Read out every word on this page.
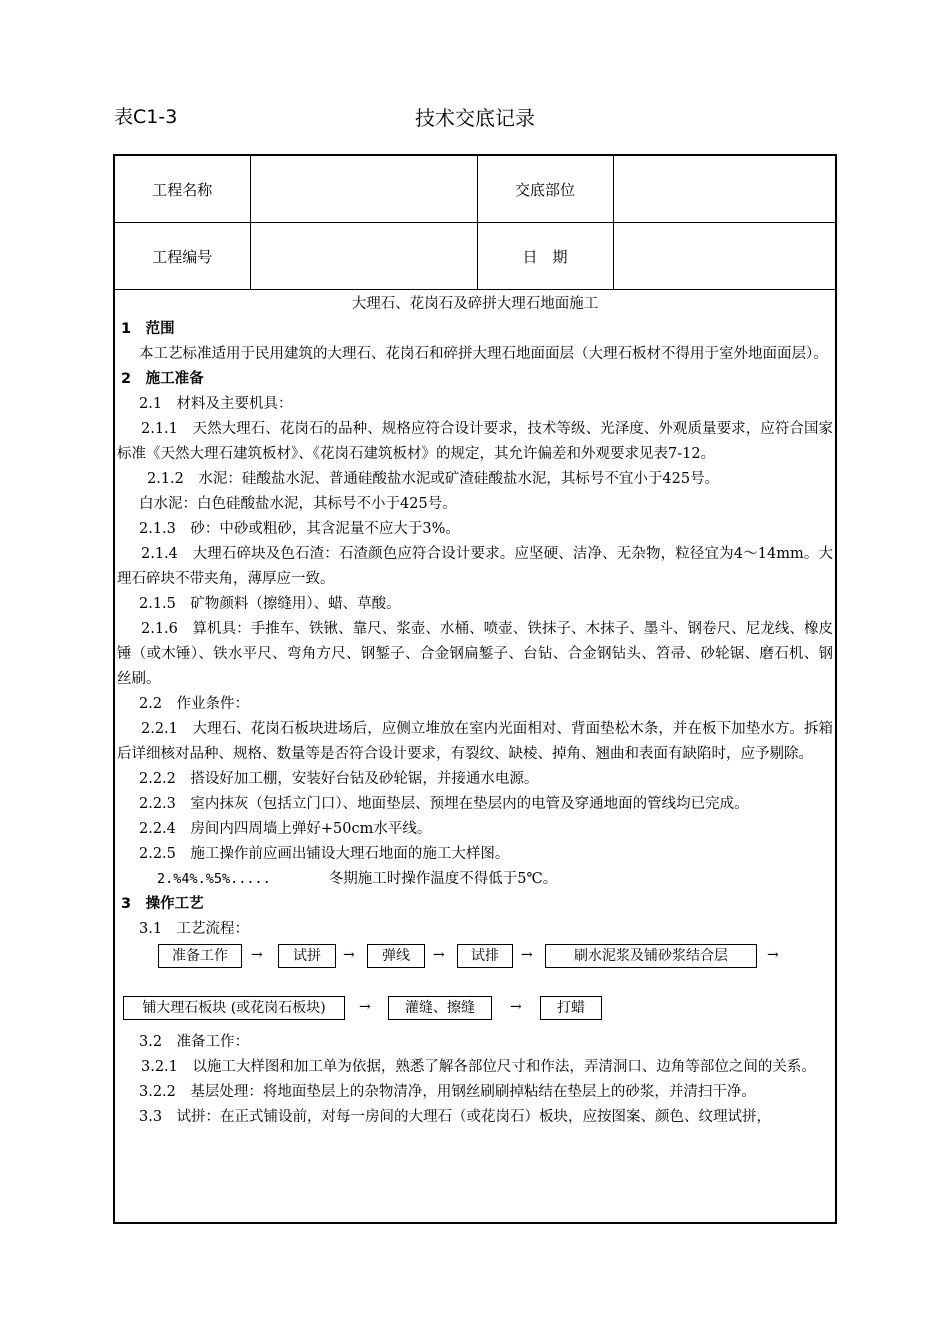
表C1-3	技术交底记录
工程名称		交底部位	
工程编号		日　期	
大理石、花岗石及碎拼大理石地面施工
1　范围
本工艺标准适用于民用建筑的大理石、花岗石和碎拼大理石地面面层（大理石板材不得用于室外地面面层）。
2　施工准备
2.1　材料及主要机具：
2.1.1　天然大理石、花岗石的品种、规格应符合设计要求，技术等级、光泽度、外观质量要求，应符合国家标准《天然大理石建筑板材》、《花岗石建筑板材》的规定，其允许偏差和外观要求见表7-12。
2.1.2　水泥：硅酸盐水泥、普通硅酸盐水泥或矿渣硅酸盐水泥，其标号不宜小于425号。
白水泥：白色硅酸盐水泥，其标号不小于425号。
2.1.3　砂：中砂或粗砂，其含泥量不应大于3%。
2.1.4　大理石碎块及色石渣：石渣颜色应符合设计要求。应坚硬、洁净、无杂物，粒径宜为4～14mm。大理石碎块不带夹角，薄厚应一致。
2.1.5　矿物颜料（擦缝用）、蜡、草酸。
2.1.6　算机具：手推车、铁锹、靠尺、浆壶、水桶、喷壶、铁抹子、木抹子、墨斗、钢卷尺、尼龙线、橡皮锤（或木锤）、铁水平尺、弯角方尺、钢錾子、合金钢扁錾子、台钻、合金钢钻头、笤帚、砂轮锯、磨石机、钢丝刷。
2.2　作业条件：
2.2.1　大理石、花岗石板块进场后，应侧立堆放在室内光面相对、背面垫松木条，并在板下加垫水方。拆箱后详细核对品种、规格、数量等是否符合设计要求，有裂纹、缺棱、掉角、翘曲和表面有缺陷时，应予剔除。
2.2.2　搭设好加工棚，安装好台钻及砂轮锯，并接通水电源。
2.2.3　室内抹灰（包括立门口）、地面垫层、预埋在垫层内的电管及穿通地面的管线均已完成。
2.2.4　房间内四周墙上弹好+50cm水平线。
2.2.5　施工操作前应画出铺设大理石地面的施工大样图。
2.%4%.%5%.....	冬期施工时操作温度不得低于5℃。
3　操作工艺
3.1　工艺流程：
准备工作	→	试拼	→	弹线	→	试排	→	刷水泥浆及铺砂浆结合层	→
铺大理石板块 (或花岗石板块)	→	灌缝、擦缝	→	打蜡
3.2　准备工作：
3.2.1　以施工大样图和加工单为依据，熟悉了解各部位尺寸和作法，弄清洞口、边角等部位之间的关系。
3.2.2　基层处理：将地面垫层上的杂物清净，用钢丝刷刷掉粘结在垫层上的砂浆，并清扫干净。
3.3　试拼：在正式铺设前，对每一房间的大理石（或花岗石）板块，应按图案、颜色、纹理试拼，
